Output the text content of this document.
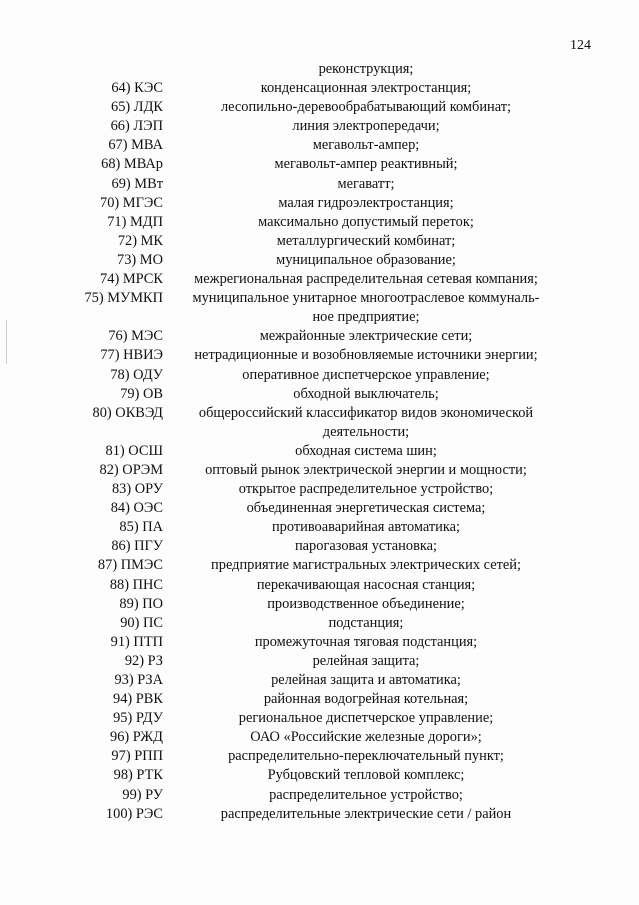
124
реконструкция;
64) КЭС	конденсационная электростанция;
65) ЛДК	лесопильно-деревообрабатывающий комбинат;
66) ЛЭП	линия электропередачи;
67) МВА	мегавольт-ампер;
68) МВАр	мегавольт-ампер реактивный;
69) МВт	мегаватт;
70) МГЭС	малая гидроэлектростанция;
71) МДП	максимально допустимый переток;
72) МК	металлургический комбинат;
73) МО	муниципальное образование;
74) МРСК	межрегиональная распределительная сетевая компания;
75) МУМКП	муниципальное унитарное многоотраслевое коммуналь-ное предприятие;
76) МЭС	межрайонные электрические сети;
77) НВИЭ	нетрадиционные и возобновляемые источники энергии;
78) ОДУ	оперативное диспетчерское управление;
79) ОВ	обходной выключатель;
80) ОКВЭД	общероссийский классификатор видов экономической деятельности;
81) ОСШ	обходная система шин;
82) ОРЭМ	оптовый рынок электрической энергии и мощности;
83) ОРУ	открытое распределительное устройство;
84) ОЭС	объединенная энергетическая система;
85) ПА	противоаварийная автоматика;
86) ПГУ	парогазовая установка;
87) ПМЭС	предприятие магистральных электрических сетей;
88) ПНС	перекачивающая насосная станция;
89) ПО	производственное объединение;
90) ПС	подстанция;
91) ПТП	промежуточная тяговая подстанция;
92) РЗ	релейная защита;
93) РЗА	релейная защита и автоматика;
94) РВК	районная водогрейная котельная;
95) РДУ	региональное диспетчерское управление;
96) РЖД	ОАО «Российские железные дороги»;
97) РПП	распределительно-переключательный пункт;
98) РТК	Рубцовский тепловой комплекс;
99) РУ	распределительное устройство;
100) РЭС	распределительные электрические сети / район
